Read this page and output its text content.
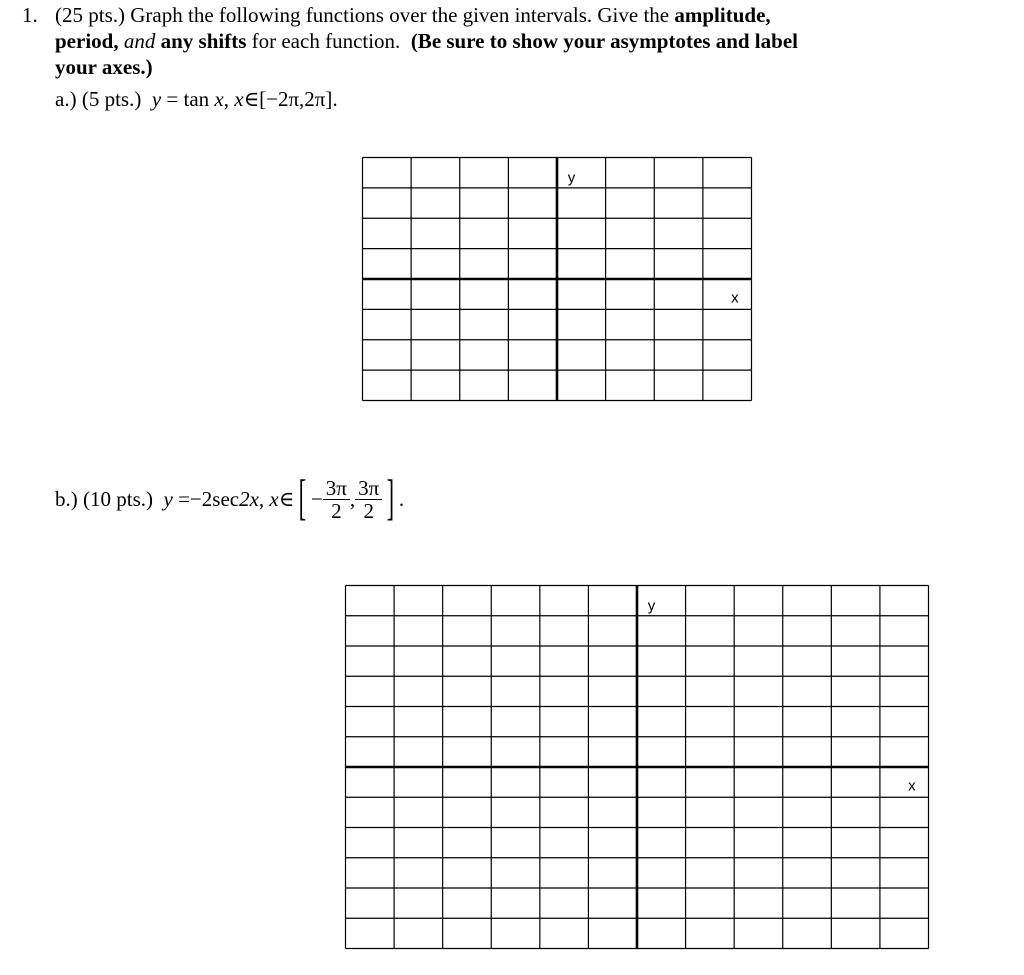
1. (25 pts.) Graph the following functions over the given intervals. Give the amplitude,
period, and any shifts for each function. (Be sure to show your asymptotes and label
your axes.)
a.) (5 pts.) y = tan x, x∈[−2π,2π].
y
x
b.) (10 pts.) y =−2sec2x, x∈[ − $\frac{3\pi}{2}$ , $\frac{3\pi}{2}$ ] .
y
x
